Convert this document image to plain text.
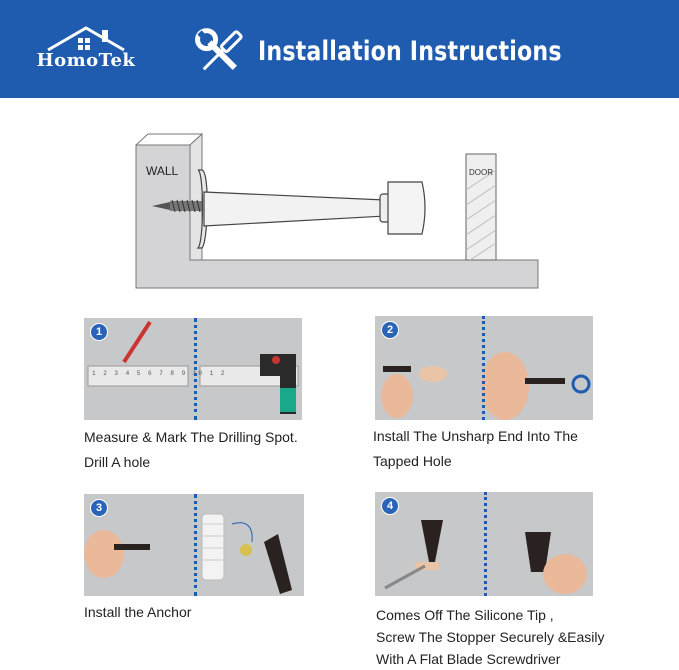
HomoTek	Installation Instructions
WALL	DOOR
1
1 2 3 4 5 6 7 8 9 10 1 2
Measure & Mark The Drilling Spot.
Drill A hole
2
Install The Unsharp End Into The
Tapped Hole
3
Install the Anchor
4
Comes Off The Silicone Tip ,
Screw The Stopper Securely &Easily
With A Flat Blade Screwdriver
